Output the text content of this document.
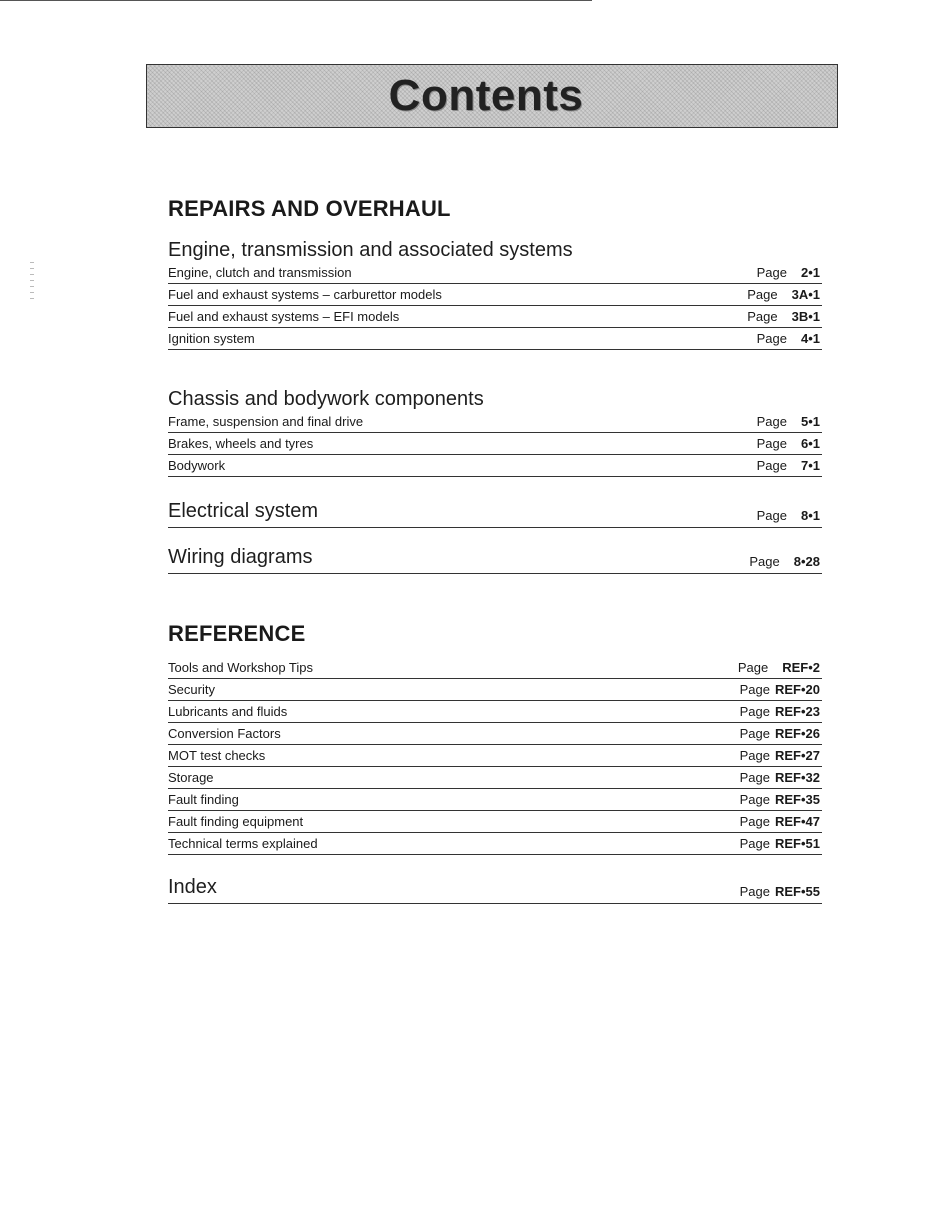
Contents
REPAIRS AND OVERHAUL
Engine, transmission and associated systems
Engine, clutch and transmission	Page 2•1
Fuel and exhaust systems – carburettor models	Page 3A•1
Fuel and exhaust systems – EFI models	Page 3B•1
Ignition system	Page 4•1
Chassis and bodywork components
Frame, suspension and final drive	Page 5•1
Brakes, wheels and tyres	Page 6•1
Bodywork	Page 7•1
Electrical system	Page 8•1
Wiring diagrams	Page 8•28
REFERENCE
Tools and Workshop Tips	Page REF•2
Security	Page REF•20
Lubricants and fluids	Page REF•23
Conversion Factors	Page REF•26
MOT test checks	Page REF•27
Storage	Page REF•32
Fault finding	Page REF•35
Fault finding equipment	Page REF•47
Technical terms explained	Page REF•51
Index	Page REF•55
